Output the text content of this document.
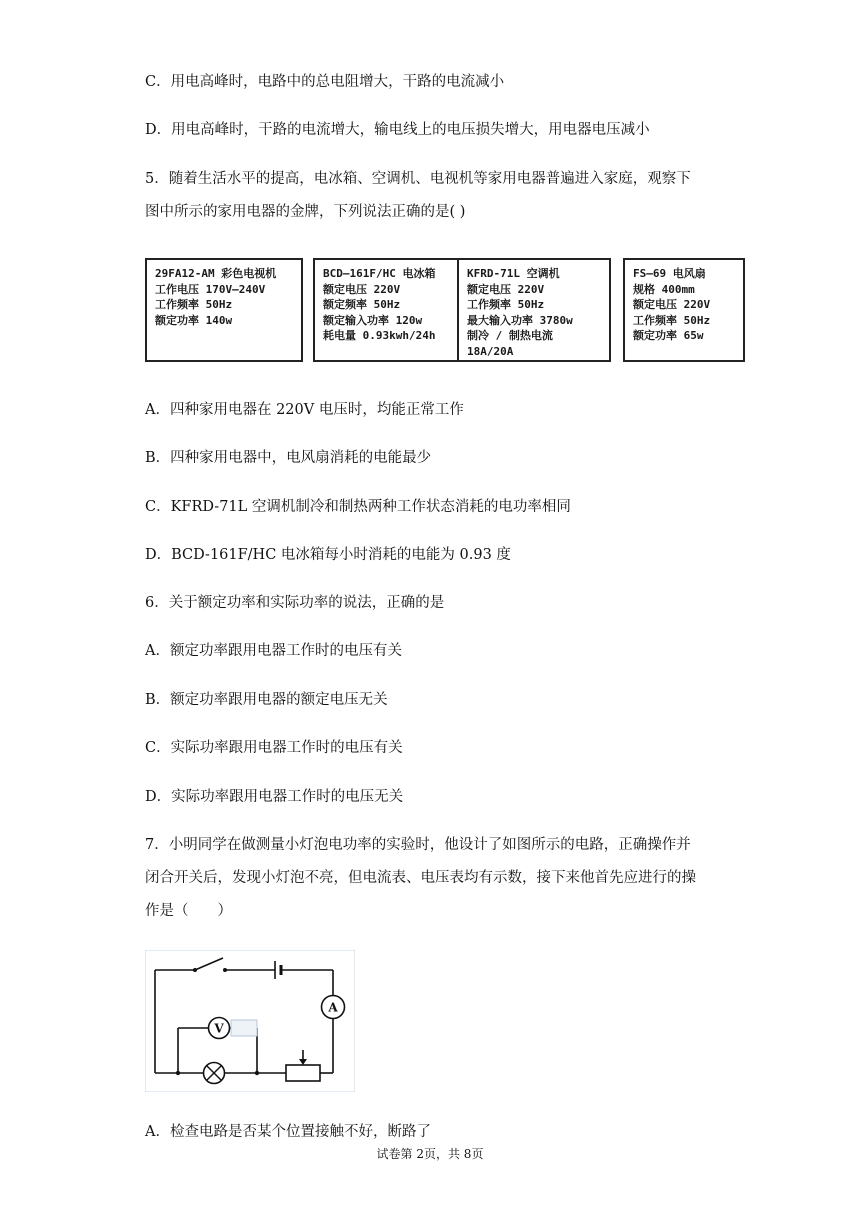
C．用电高峰时，电路中的总电阻增大，干路的电流减小
D．用电高峰时，干路的电流增大，输电线上的电压损失增大，用电器电压减小
5．随着生活水平的提高，电冰箱、空调机、电视机等家用电器普遍进入家庭，观察下
图中所示的家用电器的金牌，下列说法正确的是( )
29FA12-AM 彩色电视机
工作电压 170V—240V
工作频率 50Hz
额定功率 140w
BCD—161F/HC 电冰箱
额定电压 220V
额定频率 50Hz
额定输入功率 120w
耗电量 0.93kwh/24h
KFRD-71L 空调机
额定电压 220V
工作频率 50Hz
最大输入功率 3780w
制冷 / 制热电流
18A/20A
FS—69 电风扇
规格 400mm
额定电压 220V
工作频率 50Hz
额定功率 65w
A．四种家用电器在 220V 电压时，均能正常工作
B．四种家用电器中，电风扇消耗的电能最少
C．KFRD-71L 空调机制冷和制热两种工作状态消耗的电功率相同
D．BCD-161F/HC 电冰箱每小时消耗的电能为 0.93 度
6．关于额定功率和实际功率的说法，正确的是
A．额定功率跟用电器工作时的电压有关
B．额定功率跟用电器的额定电压无关
C．实际功率跟用电器工作时的电压有关
D．实际功率跟用电器工作时的电压无关
7．小明同学在做测量小灯泡电功率的实验时，他设计了如图所示的电路，正确操作并
闭合开关后，发现小灯泡不亮，但电流表、电压表均有示数，接下来他首先应进行的操
作是（　　）
A
V
A．检查电路是否某个位置接触不好，断路了
试卷第 2页，共 8页
